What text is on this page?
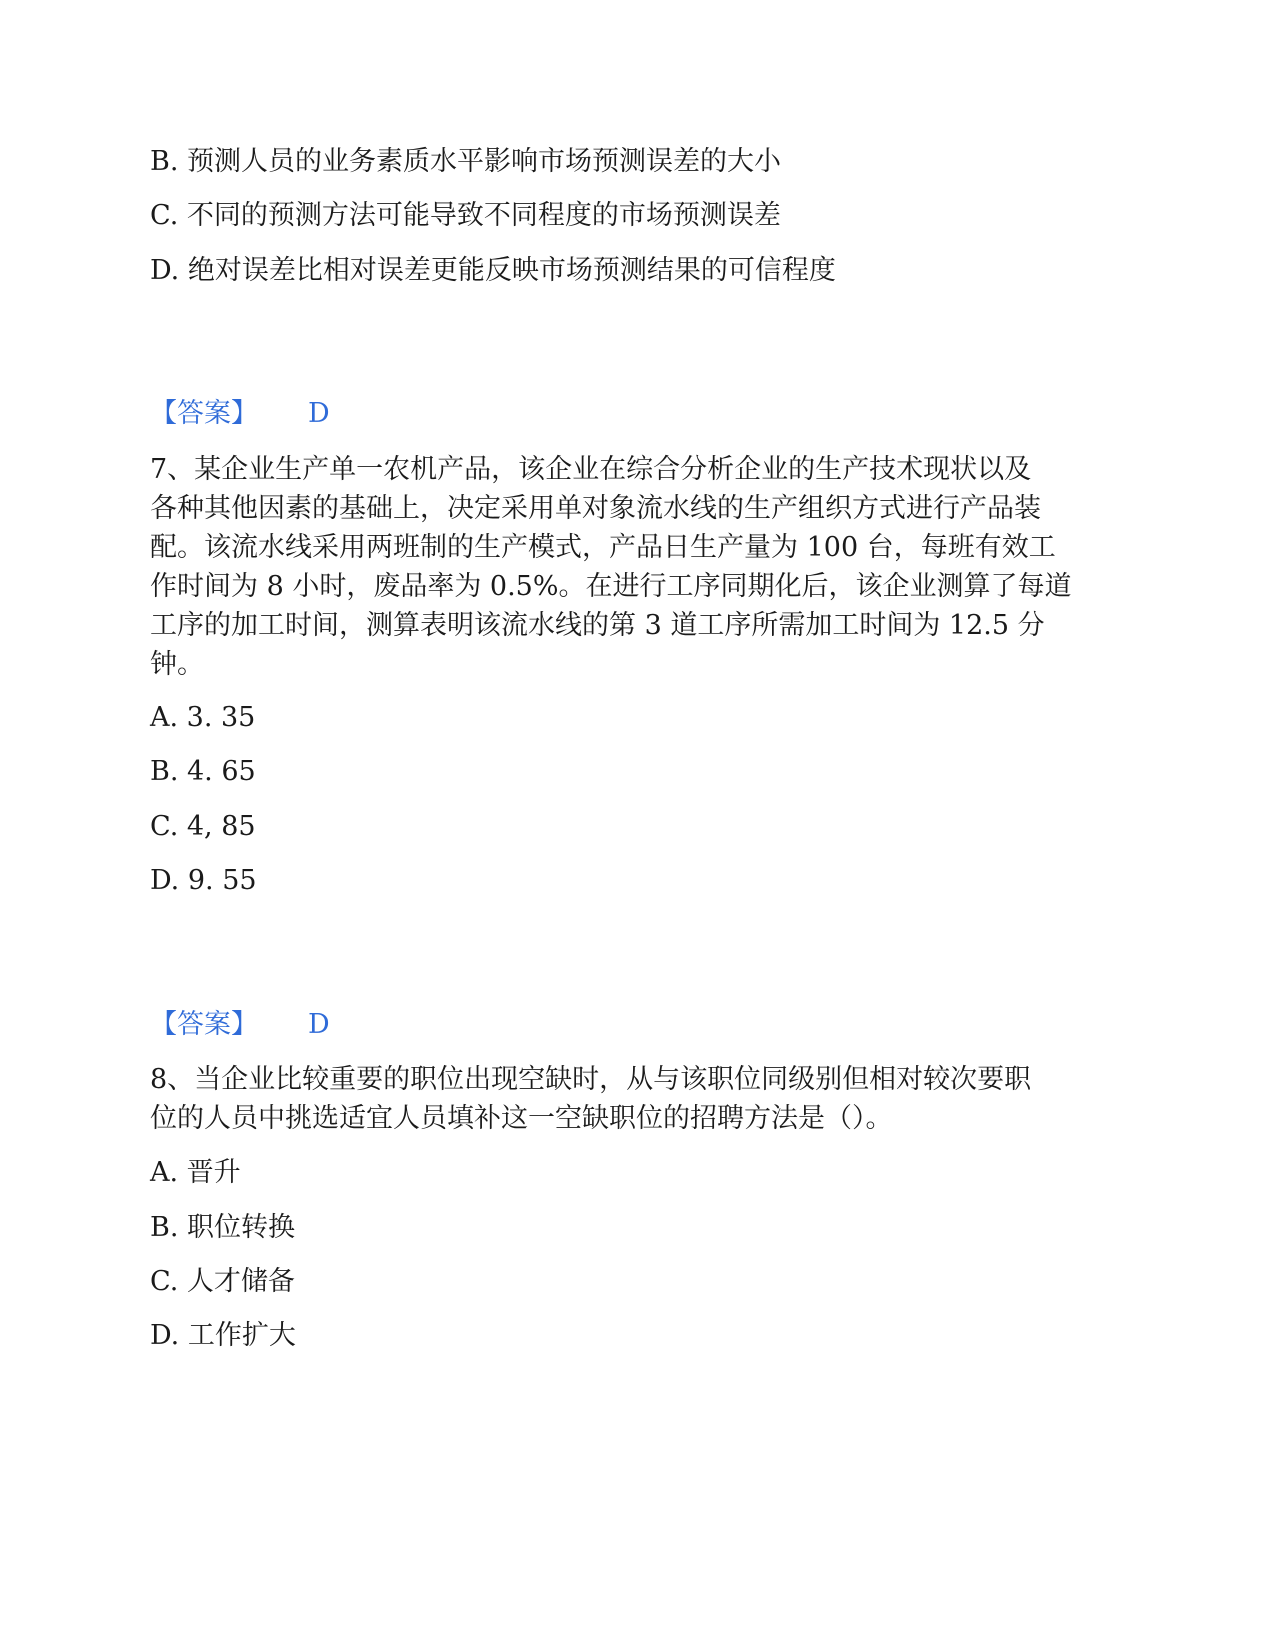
B. 预测人员的业务素质水平影响市场预测误差的大小
C. 不同的预测方法可能导致不同程度的市场预测误差
D. 绝对误差比相对误差更能反映市场预测结果的可信程度
【答案】 D
7、某企业生产单一农机产品，该企业在综合分析企业的生产技术现状以及
各种其他因素的基础上，决定采用单对象流水线的生产组织方式进行产品装
配。该流水线采用两班制的生产模式，产品日生产量为 100 台，每班有效工
作时间为 8 小时，废品率为 0.5%。在进行工序同期化后，该企业测算了每道
工序的加工时间，测算表明该流水线的第 3 道工序所需加工时间为 12.5 分
钟。
A. 3. 35
B. 4. 65
C. 4, 85
D. 9. 55
【答案】 D
8、当企业比较重要的职位出现空缺时，从与该职位同级别但相对较次要职
位的人员中挑选适宜人员填补这一空缺职位的招聘方法是（）。
A. 晋升
B. 职位转换
C. 人才储备
D. 工作扩大
